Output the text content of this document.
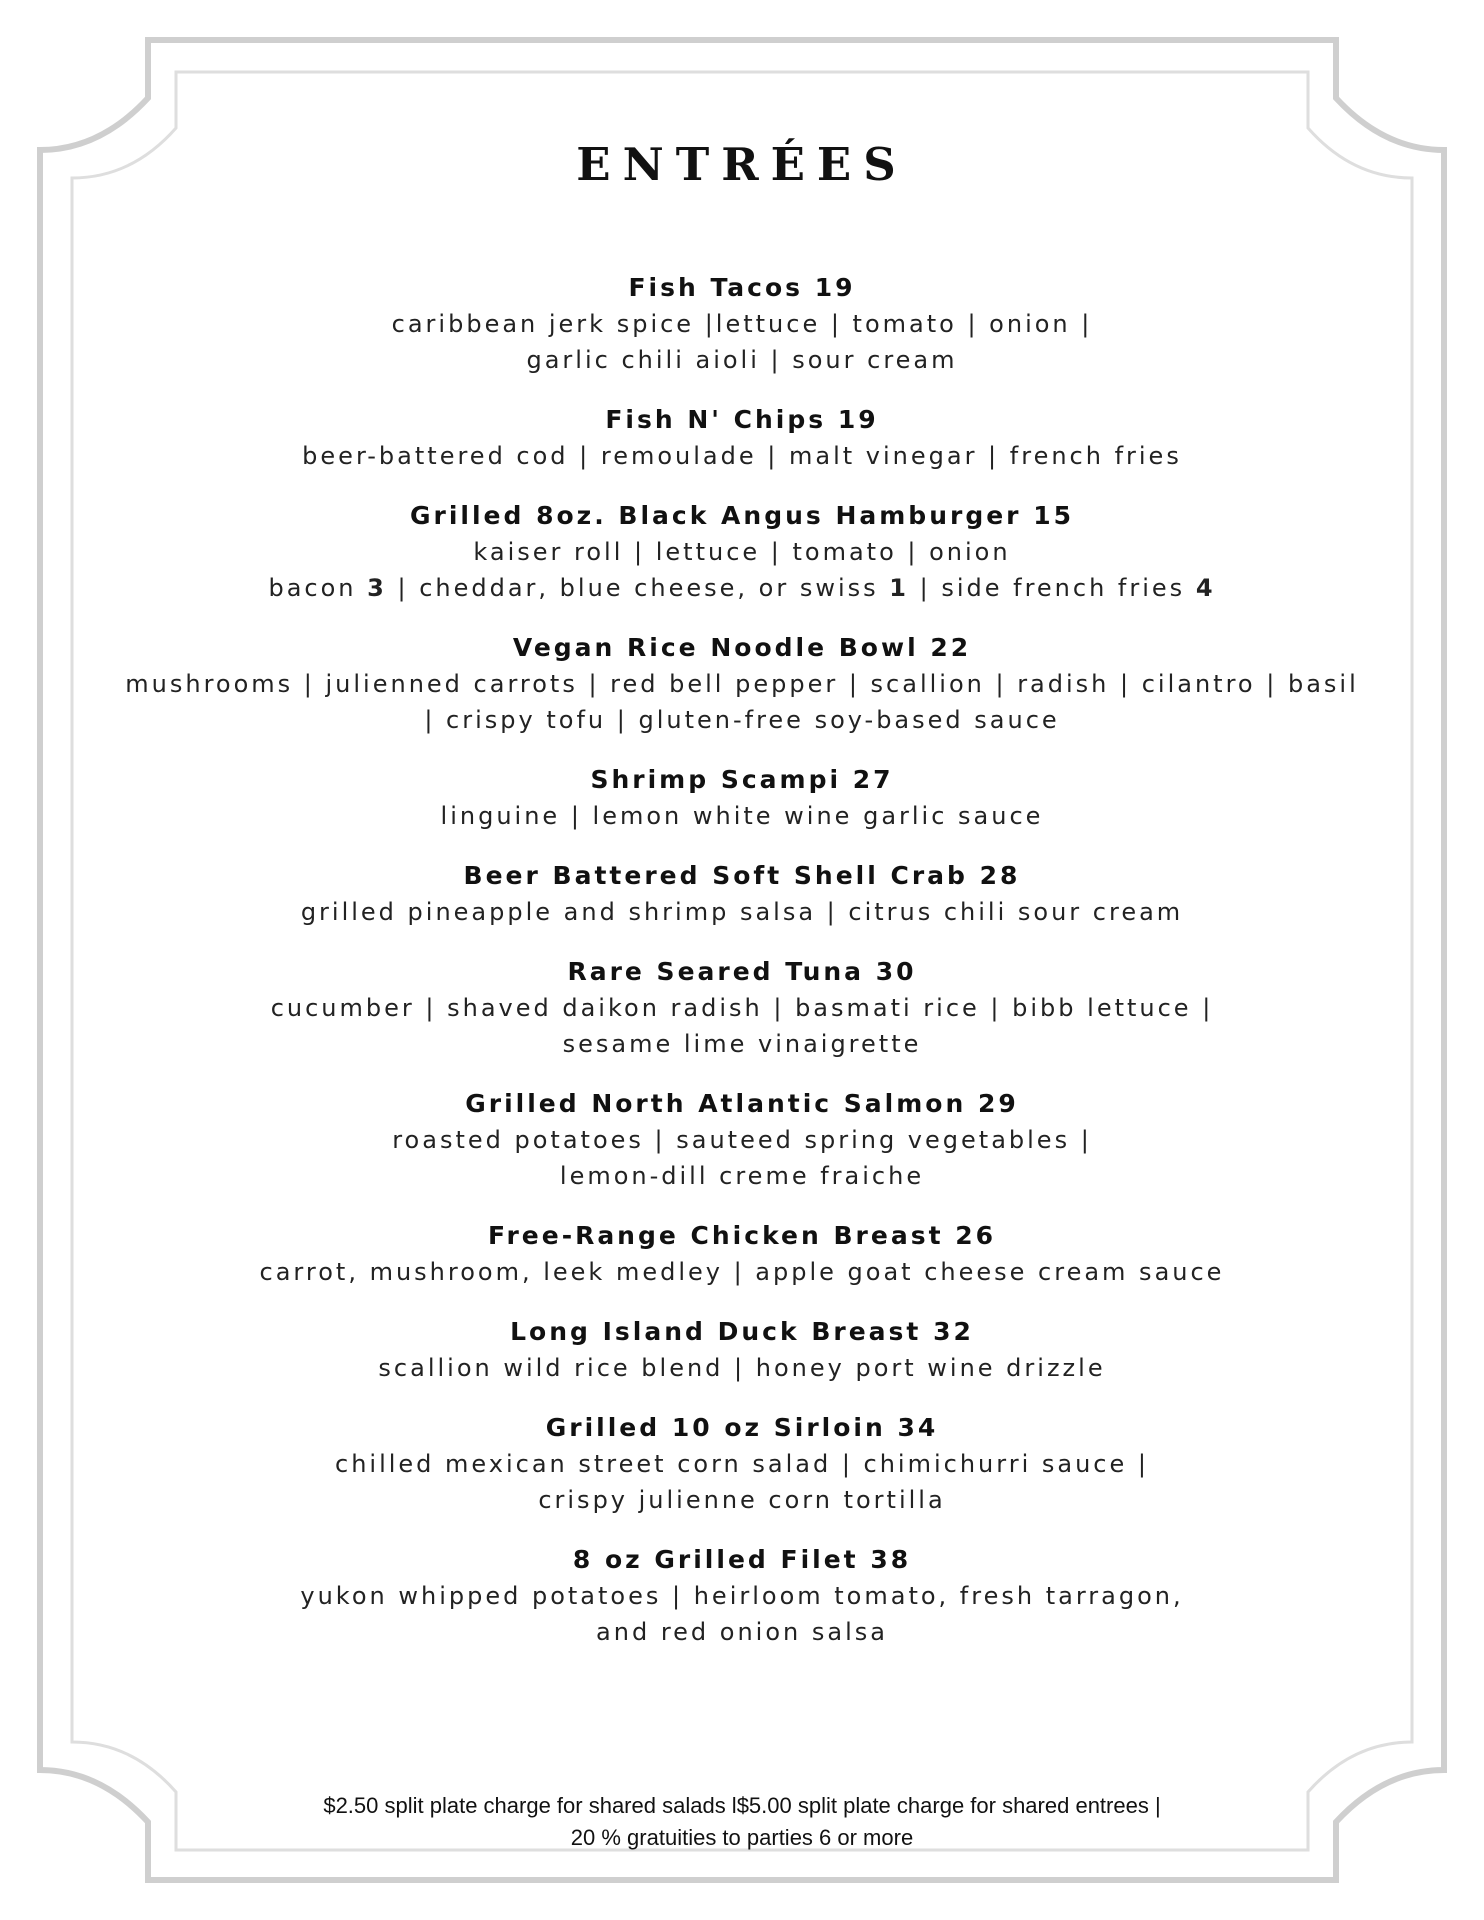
ENTRÉES
Fish Tacos 19
caribbean jerk spice |lettuce | tomato | onion |
garlic chili aioli | sour cream
Fish N' Chips 19
beer-battered cod | remoulade | malt vinegar | french fries
Grilled 8oz. Black Angus Hamburger 15
kaiser roll | lettuce | tomato | onion
bacon 3 | cheddar, blue cheese, or swiss 1 | side french fries 4
Vegan Rice Noodle Bowl 22
mushrooms | julienned carrots | red bell pepper | scallion | radish | cilantro | basil
| crispy tofu | gluten-free soy-based sauce
Shrimp Scampi 27
linguine | lemon white wine garlic sauce
Beer Battered Soft Shell Crab 28
grilled pineapple and shrimp salsa | citrus chili sour cream
Rare Seared Tuna 30
cucumber | shaved daikon radish | basmati rice | bibb lettuce |
sesame lime vinaigrette
Grilled North Atlantic Salmon 29
roasted potatoes | sauteed spring vegetables |
lemon-dill creme fraiche
Free-Range Chicken Breast 26
carrot, mushroom, leek medley | apple goat cheese cream sauce
Long Island Duck Breast 32
scallion wild rice blend | honey port wine drizzle
Grilled 10 oz Sirloin 34
chilled mexican street corn salad | chimichurri sauce |
crispy julienne corn tortilla
8 oz Grilled Filet 38
yukon whipped potatoes | heirloom tomato, fresh tarragon,
and red onion salsa
$2.50 split plate charge for shared salads l$5.00 split plate charge for shared entrees |
20 % gratuities to parties 6 or more
